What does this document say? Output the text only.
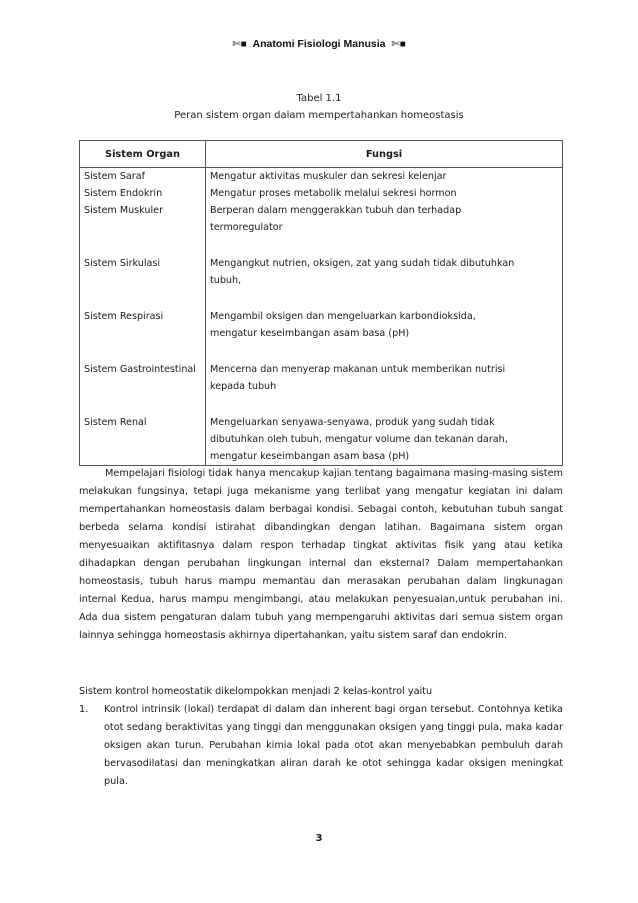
✄■ Anatomi Fisiologi Manusia ✄■
Tabel 1.1
Peran sistem organ dalam mempertahankan homeostasis
Sistem Organ	Fungsi
Sistem Saraf	Mengatur aktivitas muskuler dan sekresi kelenjar
Sistem Endokrin	Mengatur proses metabolik melalui sekresi hormon
Sistem Muskuler	Berperan dalam menggerakkan tubuh dan terhadap
termoregulator

Sistem Sirkulasi	Mengangkut nutrien, oksigen, zat yang sudah tidak dibutuhkan
tubuh,

Sistem Respirasi	Mengambil oksigen dan mengeluarkan karbondioksida,
mengatur keseimbangan asam basa (pH)

Sistem Gastrointestinal	Mencerna dan menyerap makanan untuk memberikan nutrisi
kepada tubuh

Sistem Renal	Mengeluarkan senyawa-senyawa, produk yang sudah tidak
dibutuhkan oleh tubuh, mengatur volume dan tekanan darah,
mengatur keseimbangan asam basa (pH)
Mempelajari fisiologi tidak hanya mencakup kajian tentang bagaimana masing-masing sistem melakukan fungsinya, tetapi juga mekanisme yang terlibat yang mengatur kegiatan ini dalam mempertahankan homeostasis dalam berbagai kondisi. Sebagai contoh, kebutuhan tubuh sangat berbeda selama kondisi istirahat dibandingkan dengan latihan. Bagaimana sistem organ menyesuaikan aktifitasnya dalam respon terhadap tingkat aktivitas fisik yang atau ketika dihadapkan dengan perubahan lingkungan internal dan eksternal? Dalam mempertahankan homeostasis, tubuh harus mampu memantau dan merasakan perubahan dalam lingkunagan internal Kedua, harus mampu mengimbangi, atau melakukan penyesuaian,untuk perubahan ini. Ada dua sistem pengaturan dalam tubuh yang mempengaruhi aktivitas dari semua sistem organ lainnya sehingga homeostasis akhirnya dipertahankan, yaitu sistem saraf dan endokrin.
Sistem kontrol homeostatik dikelompokkan menjadi 2 kelas-kontrol yaitu
1. Kontrol intrinsik (lokal) terdapat di dalam dan inherent bagi organ tersebut. Contohnya ketika otot sedang beraktivitas yang tinggi dan menggunakan oksigen yang tinggi pula, maka kadar oksigen akan turun. Perubahan kimia lokal pada otot akan menyebabkan pembuluh darah bervasodilatasi dan meningkatkan aliran darah ke otot sehingga kadar oksigen meningkat pula.
3
